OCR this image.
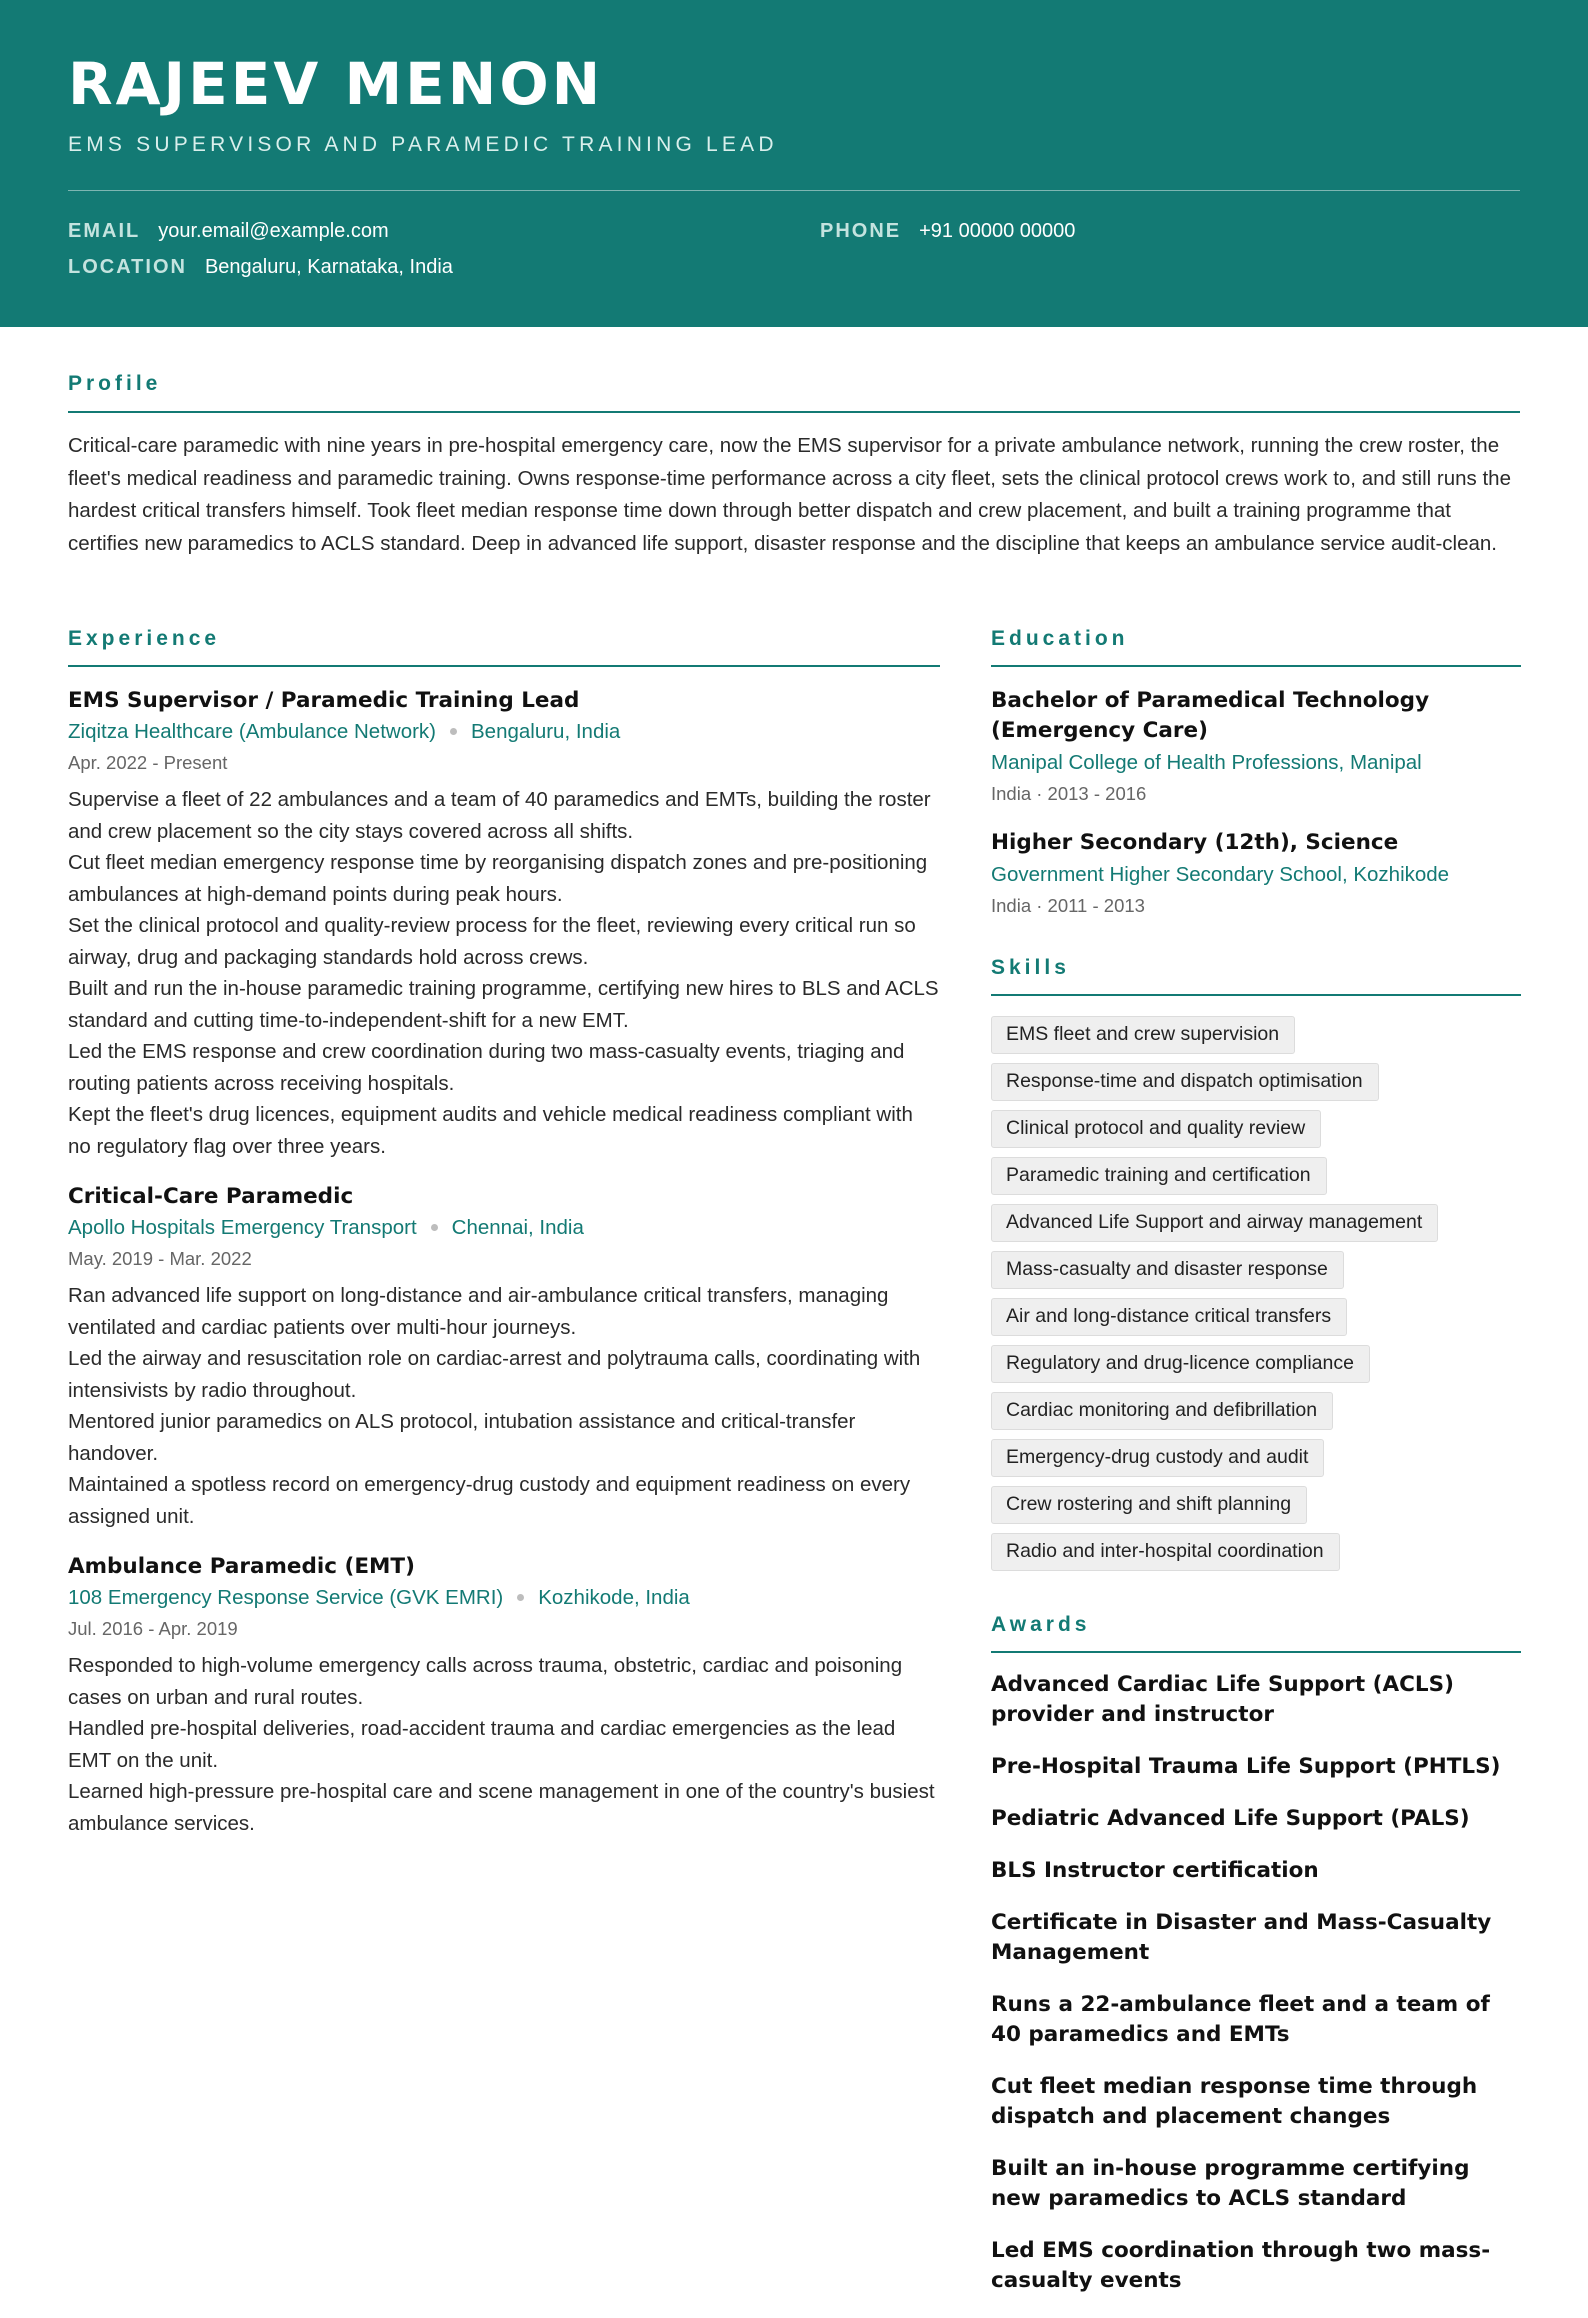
RAJEEV MENON
EMS SUPERVISOR AND PARAMEDIC TRAINING LEAD
EMAIL your.email@example.com	PHONE +91 00000 00000
LOCATION Bengaluru, Karnataka, India
Profile
Critical-care paramedic with nine years in pre-hospital emergency care, now the EMS supervisor for a private ambulance network, running the crew roster, the fleet's medical readiness and paramedic training. Owns response-time performance across a city fleet, sets the clinical protocol crews work to, and still runs the hardest critical transfers himself. Took fleet median response time down through better dispatch and crew placement, and built a training programme that certifies new paramedics to ACLS standard. Deep in advanced life support, disaster response and the discipline that keeps an ambulance service audit-clean.
Experience
EMS Supervisor / Paramedic Training Lead
Ziqitza Healthcare (Ambulance Network) Bengaluru, India
Apr. 2022 - Present
Supervise a fleet of 22 ambulances and a team of 40 paramedics and EMTs, building the roster and crew placement so the city stays covered across all shifts.
Cut fleet median emergency response time by reorganising dispatch zones and pre-positioning ambulances at high-demand points during peak hours.
Set the clinical protocol and quality-review process for the fleet, reviewing every critical run so airway, drug and packaging standards hold across crews.
Built and run the in-house paramedic training programme, certifying new hires to BLS and ACLS standard and cutting time-to-independent-shift for a new EMT.
Led the EMS response and crew coordination during two mass-casualty events, triaging and routing patients across receiving hospitals.
Kept the fleet's drug licences, equipment audits and vehicle medical readiness compliant with no regulatory flag over three years.
Critical-Care Paramedic
Apollo Hospitals Emergency Transport Chennai, India
May. 2019 - Mar. 2022
Ran advanced life support on long-distance and air-ambulance critical transfers, managing ventilated and cardiac patients over multi-hour journeys.
Led the airway and resuscitation role on cardiac-arrest and polytrauma calls, coordinating with intensivists by radio throughout.
Mentored junior paramedics on ALS protocol, intubation assistance and critical-transfer handover.
Maintained a spotless record on emergency-drug custody and equipment readiness on every assigned unit.
Ambulance Paramedic (EMT)
108 Emergency Response Service (GVK EMRI) Kozhikode, India
Jul. 2016 - Apr. 2019
Responded to high-volume emergency calls across trauma, obstetric, cardiac and poisoning cases on urban and rural routes.
Handled pre-hospital deliveries, road-accident trauma and cardiac emergencies as the lead EMT on the unit.
Learned high-pressure pre-hospital care and scene management in one of the country's busiest ambulance services.
Education
Bachelor of Paramedical Technology (Emergency Care)
Manipal College of Health Professions, Manipal
India · 2013 - 2016
Higher Secondary (12th), Science
Government Higher Secondary School, Kozhikode
India · 2011 - 2013
Skills
EMS fleet and crew supervision
Response-time and dispatch optimisation
Clinical protocol and quality review
Paramedic training and certification
Advanced Life Support and airway management
Mass-casualty and disaster response
Air and long-distance critical transfers
Regulatory and drug-licence compliance
Cardiac monitoring and defibrillation
Emergency-drug custody and audit
Crew rostering and shift planning
Radio and inter-hospital coordination
Awards
Advanced Cardiac Life Support (ACLS) provider and instructor
Pre-Hospital Trauma Life Support (PHTLS)
Pediatric Advanced Life Support (PALS)
BLS Instructor certification
Certificate in Disaster and Mass-Casualty Management
Runs a 22-ambulance fleet and a team of 40 paramedics and EMTs
Cut fleet median response time through dispatch and placement changes
Built an in-house programme certifying new paramedics to ACLS standard
Led EMS coordination through two mass-casualty events
